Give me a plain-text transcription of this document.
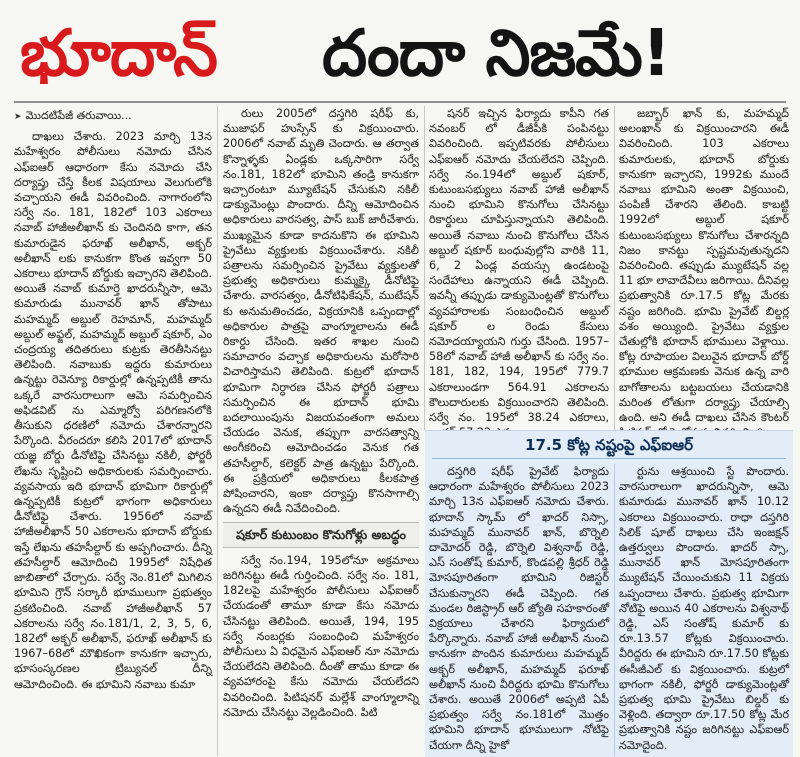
భూదాన్ దందా నిజమే!
➤ మొదటిపేజీ తరువాయి...

దాఖలు చేశారు. 2023 మార్చి 13న మహేశ్వరం పోలీసులు నమోదు చేసిన ఎఫ్ఐఆర్ ఆధారంగా కేసు నమోదు చేసి దర్యాప్తు చేస్తే కీలక విషయాలు వెలుగులోకి వచ్చాయని ఈడీ వివరించింది. నాగారంలోని సర్వే నం. 181, 182లో 103 ఎకరాలు నవాబ్ హాజీఅలీఖాన్ కు చెందినది కాగా, తన కుమారుడైన ఫరూఖ్ అలీఖాన్, అక్బర్ అలీఖాన్ లకు కానుకగా కొంత ఇవ్వగా 50 ఎకరాలు భూదాన్ బోర్డుకు ఇచ్చారని తెలిపింది. అయితే నవాబ్ కుమార్తె ఖాదరున్నీసా, ఆమె కుమారుడు మునావర్ ఖాన్ తోపాటు మహమ్మద్ అబ్దుల్ రెహమాన్, మహమ్మద్ అబ్దుల్ అఫ్జల్, మహమ్మద్ అబ్దుల్ షకూర్, ఎం చంద్రయ్య తదితరులు కుట్రకు తెరతీసినట్టు తెలిపింది. నవాబుకు ఇద్దరు కుమారులు ఉన్నట్టు రెవెన్యూ రికార్డుల్లో ఉన్నప్పటికీ తాను ఒక్కరే వారసురాలుగా ఆమె సమర్పించిన అఫిడవిట్ ను ఎమ్మార్వో పరిగణనలోకి తీసుకుని ధరణిలో నమోదు చేశారన్నారని పేర్కొంది. వీరందరూ కలిసి 2017లో భూదాన్ యజ్ఞ బోర్డు డీనోటిఫై చేసినట్టు నకిలీ, ఫోర్జరీ లేఖను సృష్టించి అధికారులకు సమర్పించారు. వ్యవసాయ ఇది భూదాన్ భూమిగా రికార్డుల్లో ఉన్నప్పటికీ కుట్రలో భాగంగా అధికారులు డీనోటిఫై చేశారు. 1956లో నవాబ్ హాజీఅలీఖాన్ 50 ఎకరాలను భూదాన్ బోర్డుకు ఇస్తే లేఖను తహసీల్దార్ కు అప్పగించారు. దీన్ని తహసీల్దార్ ఆమోదించి 1995లో నిషేధిత జాబితాలో చేర్చారు. సర్వే నెం.81లో మిగిలిన భూమిని గ్రౌన్ సర్కారీ భూములుగా ప్రభుత్వం ప్రకటించింది. నవాబ్ హాజీఅలీఖాన్ 57 ఎకరాలను సర్వే నం.181/1, 2, 3, 5, 6, 182లో అక్బర్ అలీఖాన్, ఫరూఖ్ అలీఖాన్ కు 1967–68లో మౌఖికంగా కానుకగా ఇచ్చారు, భూసంస్కరణల ట్రిబ్యునల్ దీన్ని ఆమోదించింది. ఈ భూమిని నవాబు కుమా

రులు 2005లో దస్తగిరి షరీఫ్ కు, ముజాఫర్ హుస్సేన్ కు విక్రయించారు. 2006లో నవాబ్ మృతి చెందారు. ఆ తర్వాత కొన్నాళ్ళకు ఏండ్లకు ఒక్కసారిగా సర్వే నం.181, 182లో భూమిని తండ్రి కానుకగా ఇచ్చారంటూ మ్యూటేషన్ చేసుకుని నకిలీ డాక్యుమెంట్లు పొందారు. దీన్ని ఆమోదించిన అధికారులు వారసత్వ, పాస్ బుక్ జారీచేశారు. ముఖ్యమైన కూడా కాదనుకొని ఈ భూమిని ప్రైవేటు వ్యక్తులకు విక్రయించేశారు. నకిలీ పత్రాలను సమర్పించిన ప్రైవేటు వ్యక్తులతో ప్రభుత్వ అధికారులు కుమ్మక్కై డీనోటిఫై చేశారు. వారసత్వం, డీనోటిఫికేషన్, ముటేషన్ కు అనుమతించడం, విక్రయానికి ఒప్పందాల్లో అధికారుల పాత్రపై వాంగ్మూలాలను ఈడీ రికార్డు చేసింది. ఇతర శాఖల నుంచి సమాచారం వచ్చాక అధికారులను మరోసారి విచారిస్తామని తెలిపింది. కుట్రలో భూదాన్ భూమిగా నిర్ధారణ చేసిన ఫోర్జరీ పత్రాలు సమర్పించిన ఈ భూదాన్ భూమి బదలాయింపును విజయవంతంగా అమలు చేయడం వెనుక, తప్పుగా వారసత్వాన్ని అంగీకరించి ఆమోదించడం వెనుక గత తహసీల్దార్, కలెక్టర్ పాత్ర ఉన్నట్టు పేర్కొంది. ఈ ప్రక్రియలో అధికారులు కీలకపాత్ర పోషించారని, ఇంకా దర్యాప్తు కొనసాగాల్సి ఉన్నదని ఈడీ నివేదించింది.

షకూర్ కుటుంబం కొనుగోళ్లు అబద్ధం

సర్వే నం.194, 195లోనూ అక్రమాలు జరిగినట్టు ఈడీ గుర్తించింది. సర్వే నం. 181, 182లపై మహేశ్వరం పోలీసులు ఎఫ్ఐఆర్ చేయడంతో తామూ కూడా కేసు నమోదు చేసినట్టు తెలిపింది. అయితే, 194, 195 సర్వే నంబర్లకు సంబంధించి మహేశ్వరం పోలీసులు ఏ విధమైన ఎఫ్ఐఆర్ నూ నమోదు చేయలేదని తెలిపింది. దీంతో తాము కూడా ఈ వ్యవహారంపై కేసు నమోదు చేయలేదని వివరించింది. పిటిషనర్ మల్లేశ్ వాంగ్మూలాన్ని నమోదు చేసినట్టు వెల్లడించింది. పిటి

షనర్ ఇచ్చిన ఫిర్యాదు కాపీని గత నవంబర్ లో డీజీపీకి పంపినట్టు వివరించింది. ఇప్పటివరకు పోలీసులు ఎఫ్ఐఆర్ నమోదు చేయలేదని చెప్పింది. సర్వే నం.194లో అబ్దుల్ షకూర్, కుటుంబసభ్యులు నవాబ్ హాజీ అలీఖాన్ నుంచి భూమిని కొనుగోలు చేసినట్టు రికార్డులు చూపిస్తున్నాయని తెలిపింది. అయితే నవాబు నుంచి కొనుగోలు చేసిన అబ్దుల్ షకూర్ బంధువుల్లోని వారికి 11, 6, 2 ఏండ్ల వయస్సు ఉండటంపై సందేహాలు ఉన్నాయని ఈడీ చెప్పింది. ఇవన్నీ తప్పుడు డాక్యుమెంట్లతో కొనుగోలు వ్యవహారాలకు సంబంధించిన అబ్దుల్ షకూర్ ల రెండు కేసులు నమోదయ్యాయని గుర్తు చేసింది. 1957–58లో నవాబ్ హాజీ అలీఖాన్ కు సర్వే నం. 181, 182, 194, 195లో 779.7 ఎకరాలుండగా 564.91 ఎకరాలను కౌలుదారులకు విక్రయించారని తెలిపింది. సర్వే నం. 195లో 38.24 ఎకరాలు,

జబ్బార్ ఖాన్ కు, మహమ్మద్ అలంఖాన్ కు విక్రయించారని ఈడీ వివరించింది. 103 ఎకరాలు కుమారులకు, భూదాన్ బోర్డుకు కానుకగా ఇచ్చారని, 1992కు ముందే నవాబు భూమిని అంతా విక్రయించి, పంపిణీ చేశారని తేలింది. కాబట్టి 1992లో అబ్దుల్ షకూర్ కుటుంబసభ్యులు కొనుగోలు చేశారన్నది నిజం కానట్టు స్పష్టమవుతున్నదని వివరించింది. తప్పుడు మ్యుటేషన్ వల్ల 11 భూ లావాదేవీలు జరిగాయి. దీనివల్ల ప్రభుత్వానికి రూ.17.5 కోట్ల మేరకు నష్టం జరిగింది. భూమి ప్రైవేట్ బిల్డర్ల వశం అయ్యింది. ప్రైవేటు వ్యక్తుల చేతుల్లోకి భూదాన్ భూములు వెళ్లాయి. కోట్ల రూపాయల విలువైన భూదాన్ బోర్డ్ భూముల ఆక్రమణకు వెనుక ఉన్న వారి బాగోతాలను బట్టబయలు చేయడానికి మరింత లోతుగా దర్యాప్తు చేయాల్సి ఉంది. అని ఈడీ దాఖలు చేసిన కౌంటర్

17.5 కోట్ల నష్టంపై ఎఫ్ఐఆర్

దస్తగిరి షరీఫ్ ప్రైవేట్ ఫిర్యాదు ఆధారంగా మహేశ్వరం పోలీసులు 2023 మార్చి 13న ఎఫ్ఐఆర్ నమోదు చేశారు. భూదాన్ స్కామ్ లో ఖాదర్ నిస్సా, మహమ్మద్ మునావర్ ఖాన్, బొర్నెలి దామోదర్ రెడ్డి, బొర్నెలి విశ్వనాథ్ రెడ్డి, ఎస్ సంతోష్ కుమార్, కొండపల్లి శ్రీధర్ రెడ్డి మోసపూరితంగా భూమిని రిజిస్టర్ చేసుకున్నారని ఈడీ చెప్పింది. గత మండల రిజిస్ట్రార్ ఆర్ జ్యోతి సహకారంతో విక్రయాలు చేశారని ఫిర్యాదులో పేర్కొన్నారు. నవాబ్ హాజీ అలీఖాన్ నుంచి కానుకగా పొందిన కుమారులు మహమ్మద్ అక్బర్ అలీఖాన్, మహమ్మద్ ఫరూఖ్ అలీఖాన్ నుంచి వీరిద్దరు భూమి కొనుగోలు చేశారు. అయితే 2006లో అప్పటి ఏపీ ప్రభుత్వం సర్వే నం.181లో మొత్తం భూమిని భూదాన్ భూములుగా నోటిఫై చేయగా దీన్ని హైకో

ర్టును ఆశ్రయించి స్టే పొందారు. వారసురాలుగా ఖాదరున్నిసా, ఆమె కుమారుడు మునావర్ ఖాన్ 10.12 ఎకరాలు విక్రయించారు. రాధా దస్తగిరి సిలిక్ షూట్ దాఖలు చేసి ఇంజక్షన్ ఉత్తర్వులు పొందారు. ఖాదర్ స్సా, మునావర్ ఖాన్ మోసపూరితంగా మ్యుటేషన్ చేయించుకుని 11 విక్రయ ఒప్పందాలు చేశారు. ప్రభుత్వ భూమిగా నోటిఫై అయిన 40 ఎకరాలను విశ్వనాథ్ రెడ్డి, ఎస్ సంతోష్ కుమార్ కు రూ.13.57 కోట్లకు విక్రయించారు. వీరిద్దరు ఈ భూమిని రూ.17.50 కోట్లకు ఈసీజీఎల్ కు విక్రయించారు. కుట్రలో భాగంగా నకిలీ, ఫోర్జరీ డాక్యుమెంట్లతో ప్రభుత్వ భూమి ప్రైవేటు బిల్డర్ కు వెళ్లింది. తద్వారా రూ.17.50 కోట్ల మేర ప్రభుత్వానికి నష్టం జరిగినట్టు ఎఫ్ఐఆర్ నమోదైంది.
